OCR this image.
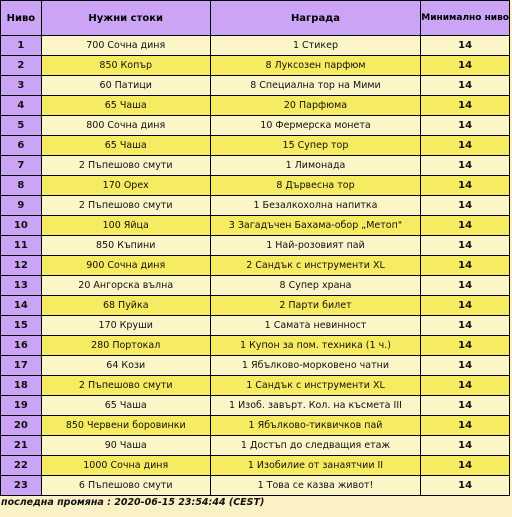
Ниво	Нужни стоки	Награда	Минимално ниво
1	700 Сочна диня	1 Стикер	14
2	850 Копър	8 Луксозен парфюм	14
3	60 Патици	8 Специална тор на Мими	14
4	65 Чаша	20 Парфюма	14
5	800 Сочна диня	10 Фермерска монета	14
6	65 Чаша	15 Супер тор	14
7	2 Пъпешово смути	1 Лимонада	14
8	170 Орех	8 Дървесна тор	14
9	2 Пъпешово смути	1 Безалкохолна напитка	14
10	100 Яйца	3 Загадъчен Бахама-обор „Метоп"	14
11	850 Къпини	1 Най-розовият пай	14
12	900 Сочна диня	2 Сандък с инструменти XL	14
13	20 Ангорска вълна	8 Супер храна	14
14	68 Пуйка	2 Парти билет	14
15	170 Круши	1 Самата невинност	14
16	280 Портокал	1 Купон за пом. техника (1 ч.)	14
17	64 Кози	1 Ябълково-морковено чатни	14
18	2 Пъпешово смути	1 Сандък с инструменти XL	14
19	65 Чаша	1 Изоб. завърт. Кол. на късмета III	14
20	850 Червени боровинки	1 Ябълково-тиквичков пай	14
21	90 Чаша	1 Достъп до следващия етаж	14
22	1000 Сочна диня	1 Изобилие от занаятчии II	14
23	6 Пъпешово смути	1 Това се казва живот!	14
последна промяна : 2020-06-15 23:54:44 (CEST)
